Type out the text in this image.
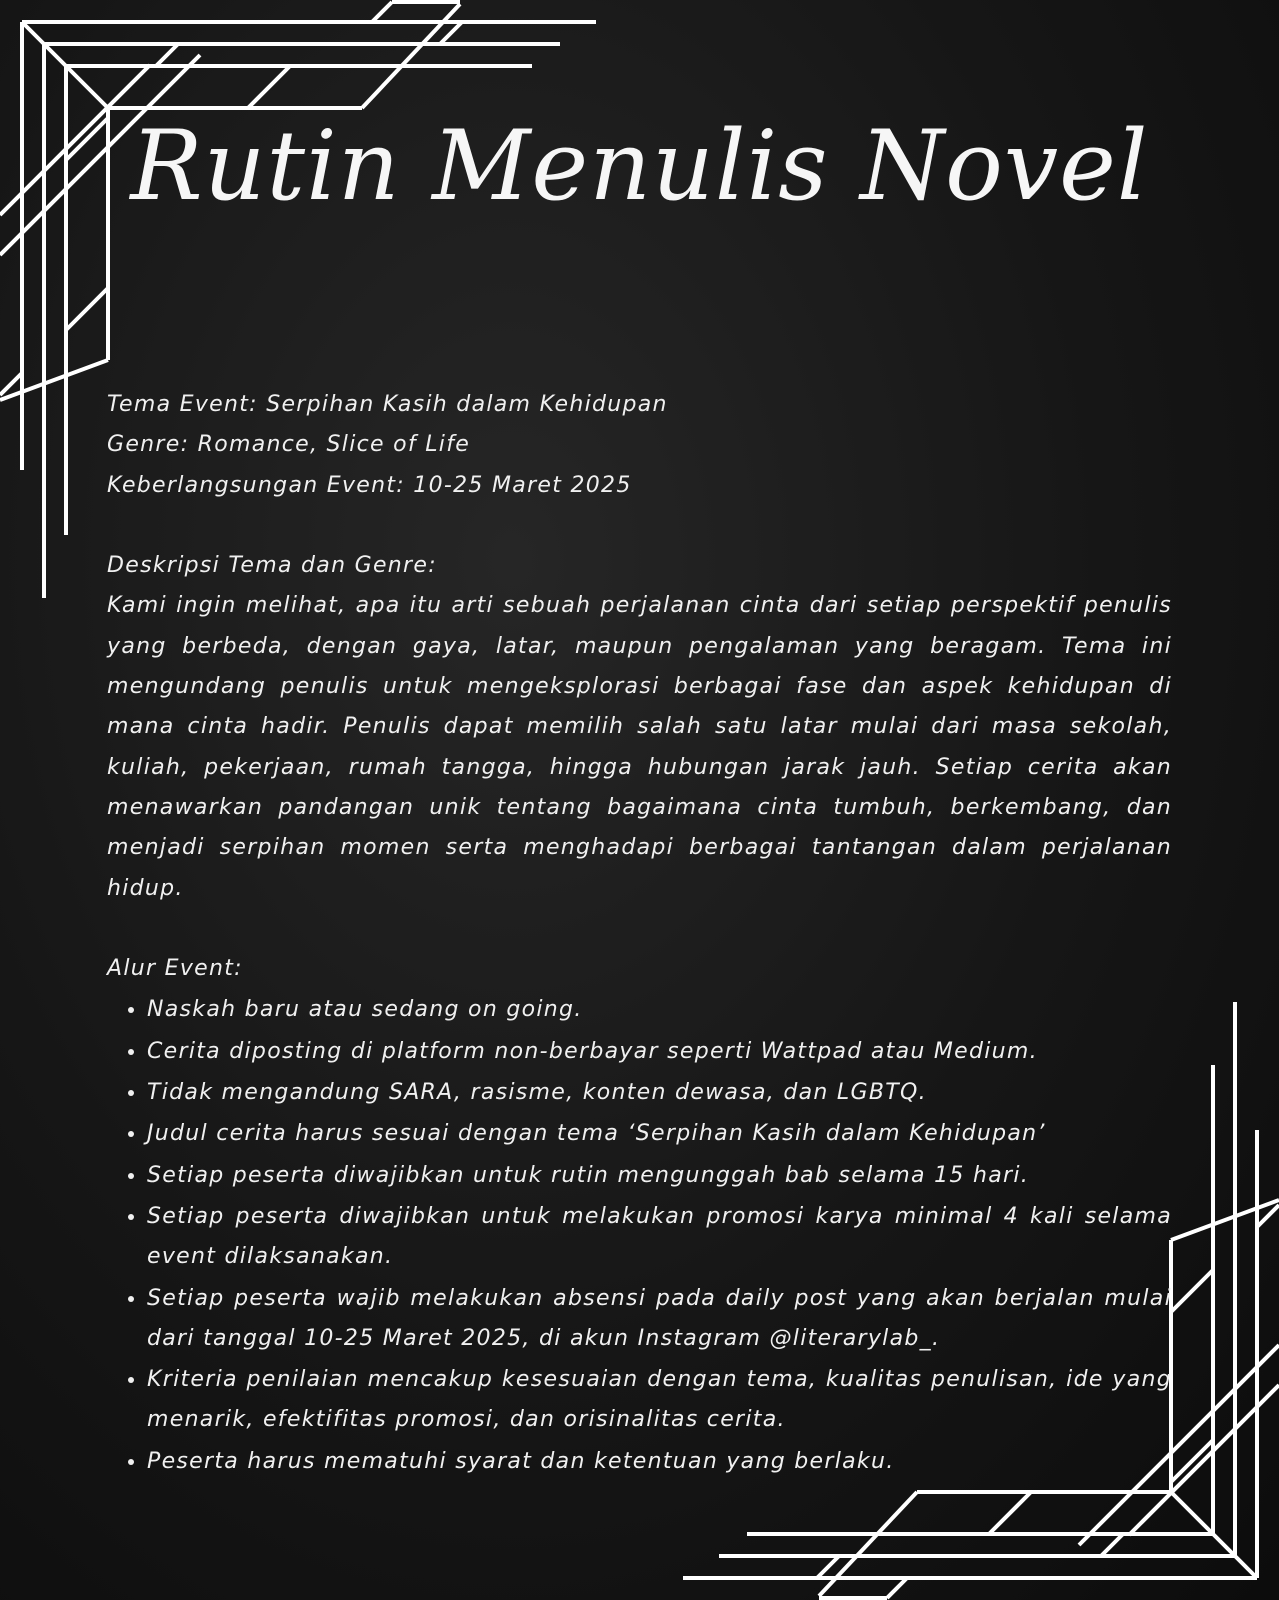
Rutin Menulis Novel

Tema Event: Serpihan Kasih dalam Kehidupan

Genre: Romance, Slice of Life

Keberlangsungan Event: 10-25 Maret 2025

Deskripsi Tema dan Genre:

Kami ingin melihat, apa itu arti sebuah perjalanan cinta dari setiap perspektif penulis yang berbeda, dengan gaya, latar, maupun pengalaman yang beragam. Tema ini mengundang penulis untuk mengeksplorasi berbagai fase dan aspek kehidupan di mana cinta hadir. Penulis dapat memilih salah satu latar mulai dari masa sekolah, kuliah, pekerjaan, rumah tangga, hingga hubungan jarak jauh. Setiap cerita akan menawarkan pandangan unik tentang bagaimana cinta tumbuh, berkembang, dan menjadi serpihan momen serta menghadapi berbagai tantangan dalam perjalanan hidup.

Alur Event:

• Naskah baru atau sedang on going.
• Cerita diposting di platform non-berbayar seperti Wattpad atau Medium.
• Tidak mengandung SARA, rasisme, konten dewasa, dan LGBTQ.
• Judul cerita harus sesuai dengan tema ‘Serpihan Kasih dalam Kehidupan’
• Setiap peserta diwajibkan untuk rutin mengunggah bab selama 15 hari.
• Setiap peserta diwajibkan untuk melakukan promosi karya minimal 4 kali selama event dilaksanakan.
• Setiap peserta wajib melakukan absensi pada daily post yang akan berjalan mulai dari tanggal 10-25 Maret 2025, di akun Instagram @literarylab_.
• Kriteria penilaian mencakup kesesuaian dengan tema, kualitas penulisan, ide yang menarik, efektifitas promosi, dan orisinalitas cerita.
• Peserta harus mematuhi syarat dan ketentuan yang berlaku.
